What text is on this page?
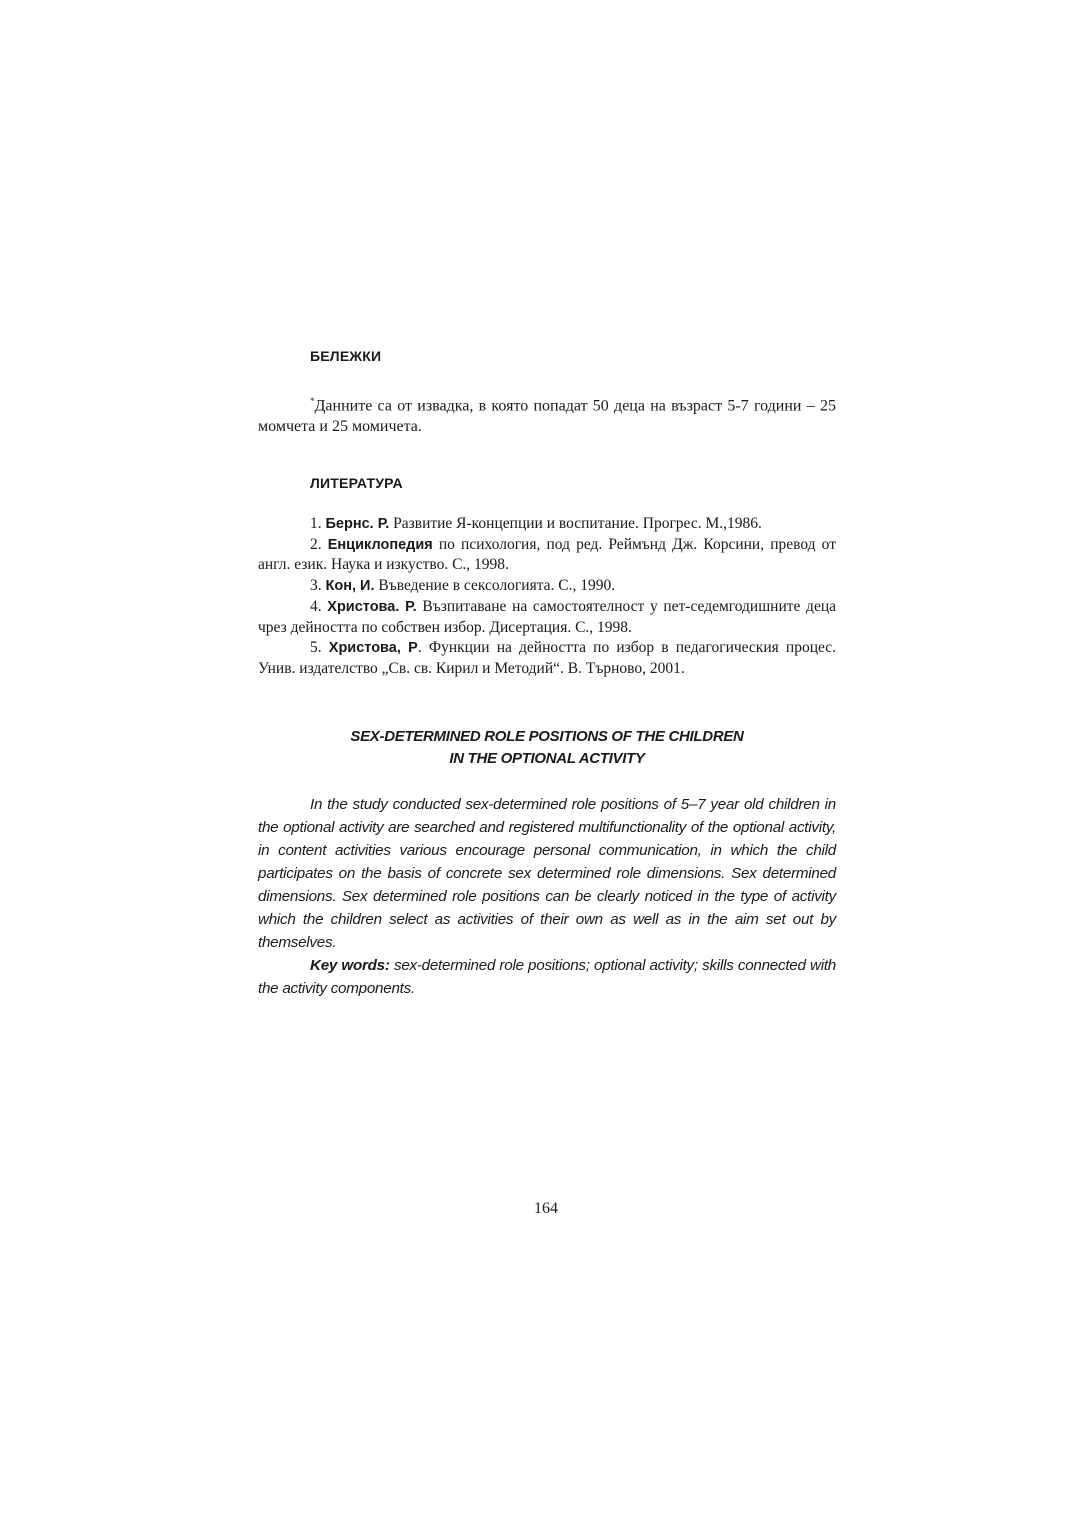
БЕЛЕЖКИ
*Данните са от извадка, в която попадат 50 деца на възраст 5-7 години – 25 момчета и 25 момичета.
ЛИТЕРАТУРА
1. Бернс. Р. Развитие Я-концепции и воспитание. Прогрес. М.,1986.
2. Енциклопедия по психология, под ред. Реймънд Дж. Корсини, превод от англ. език. Наука и изкуство. С., 1998.
3. Кон, И. Въведение в сексологията. С., 1990.
4. Христова. Р. Възпитаване на самостоятелност у пет-седемгодишните деца чрез дейността по собствен избор. Дисертация. С., 1998.
5. Христова, Р. Функции на дейността по избор в педагогическия процес. Унив. издателство „Св. св. Кирил и Методий“. В. Търново, 2001.
SEX-DETERMINED ROLE POSITIONS OF THE CHILDREN
IN THE OPTIONAL ACTIVITY

In the study conducted sex-determined role positions of 5–7 year old children in the optional activity are searched and registered multifunctionality of the optional activity, in content activities various encourage personal communication, in which the child participates on the basis of concrete sex determined role dimensions. Sex determined dimensions. Sex determined role positions can be clearly noticed in the type of activity which the children select as activities of their own as well as in the aim set out by themselves.

Key words: sex-determined role positions; optional activity; skills connected with the activity components.

164
